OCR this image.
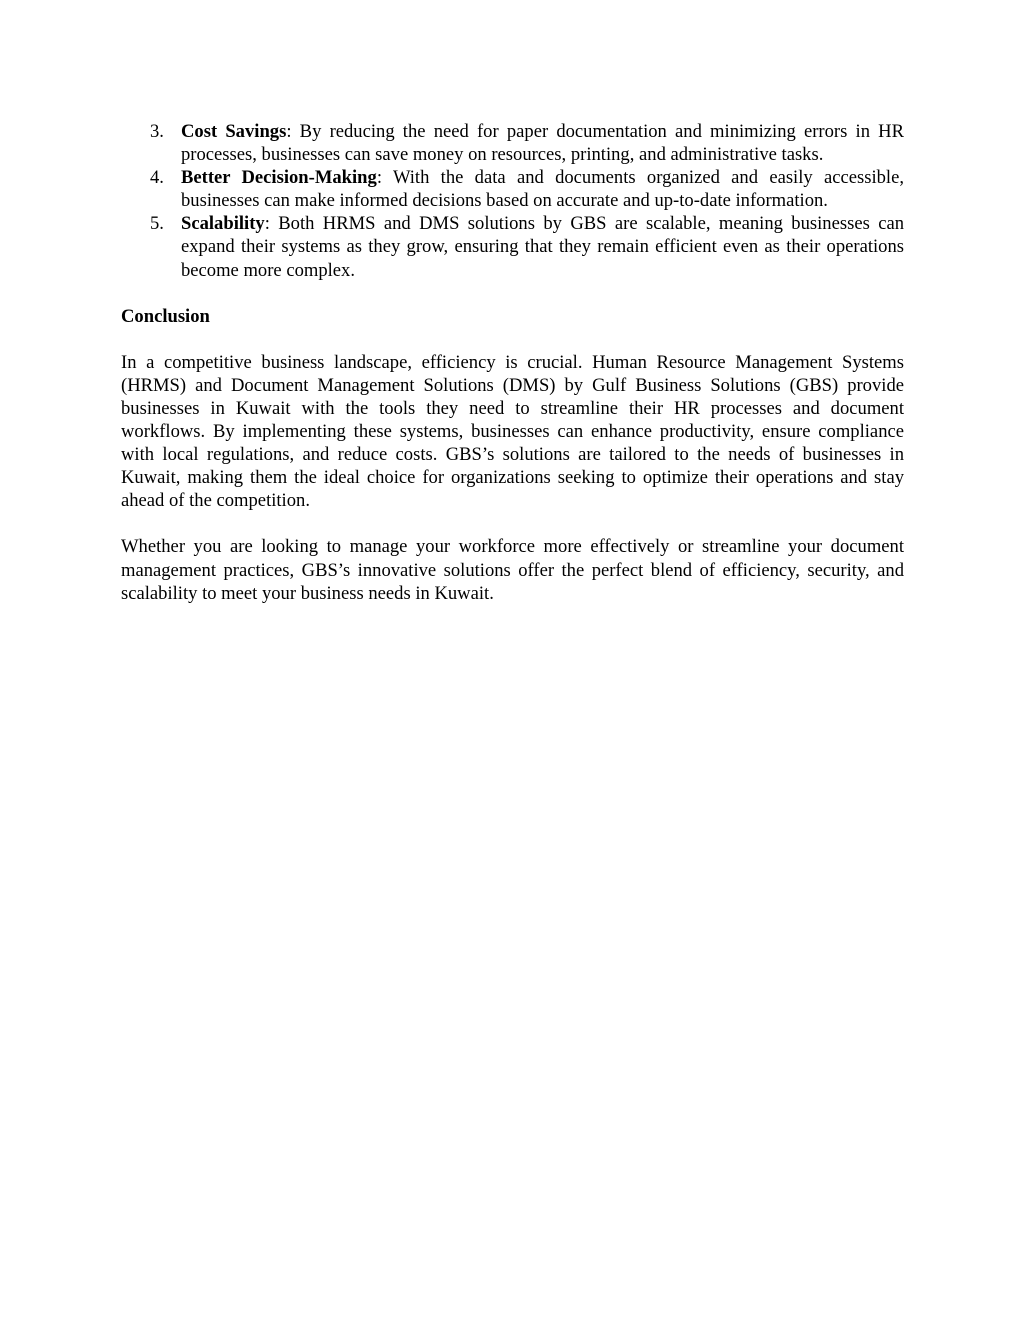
3. Cost Savings: By reducing the need for paper documentation and minimizing errors in HR processes, businesses can save money on resources, printing, and administrative tasks.
4. Better Decision-Making: With the data and documents organized and easily accessible, businesses can make informed decisions based on accurate and up-to-date information.
5. Scalability: Both HRMS and DMS solutions by GBS are scalable, meaning businesses can expand their systems as they grow, ensuring that they remain efficient even as their operations become more complex.

Conclusion

In a competitive business landscape, efficiency is crucial. Human Resource Management Systems (HRMS) and Document Management Solutions (DMS) by Gulf Business Solutions (GBS) provide businesses in Kuwait with the tools they need to streamline their HR processes and document workflows. By implementing these systems, businesses can enhance productivity, ensure compliance with local regulations, and reduce costs. GBS’s solutions are tailored to the needs of businesses in Kuwait, making them the ideal choice for organizations seeking to optimize their operations and stay ahead of the competition.

Whether you are looking to manage your workforce more effectively or streamline your document management practices, GBS’s innovative solutions offer the perfect blend of efficiency, security, and scalability to meet your business needs in Kuwait.
